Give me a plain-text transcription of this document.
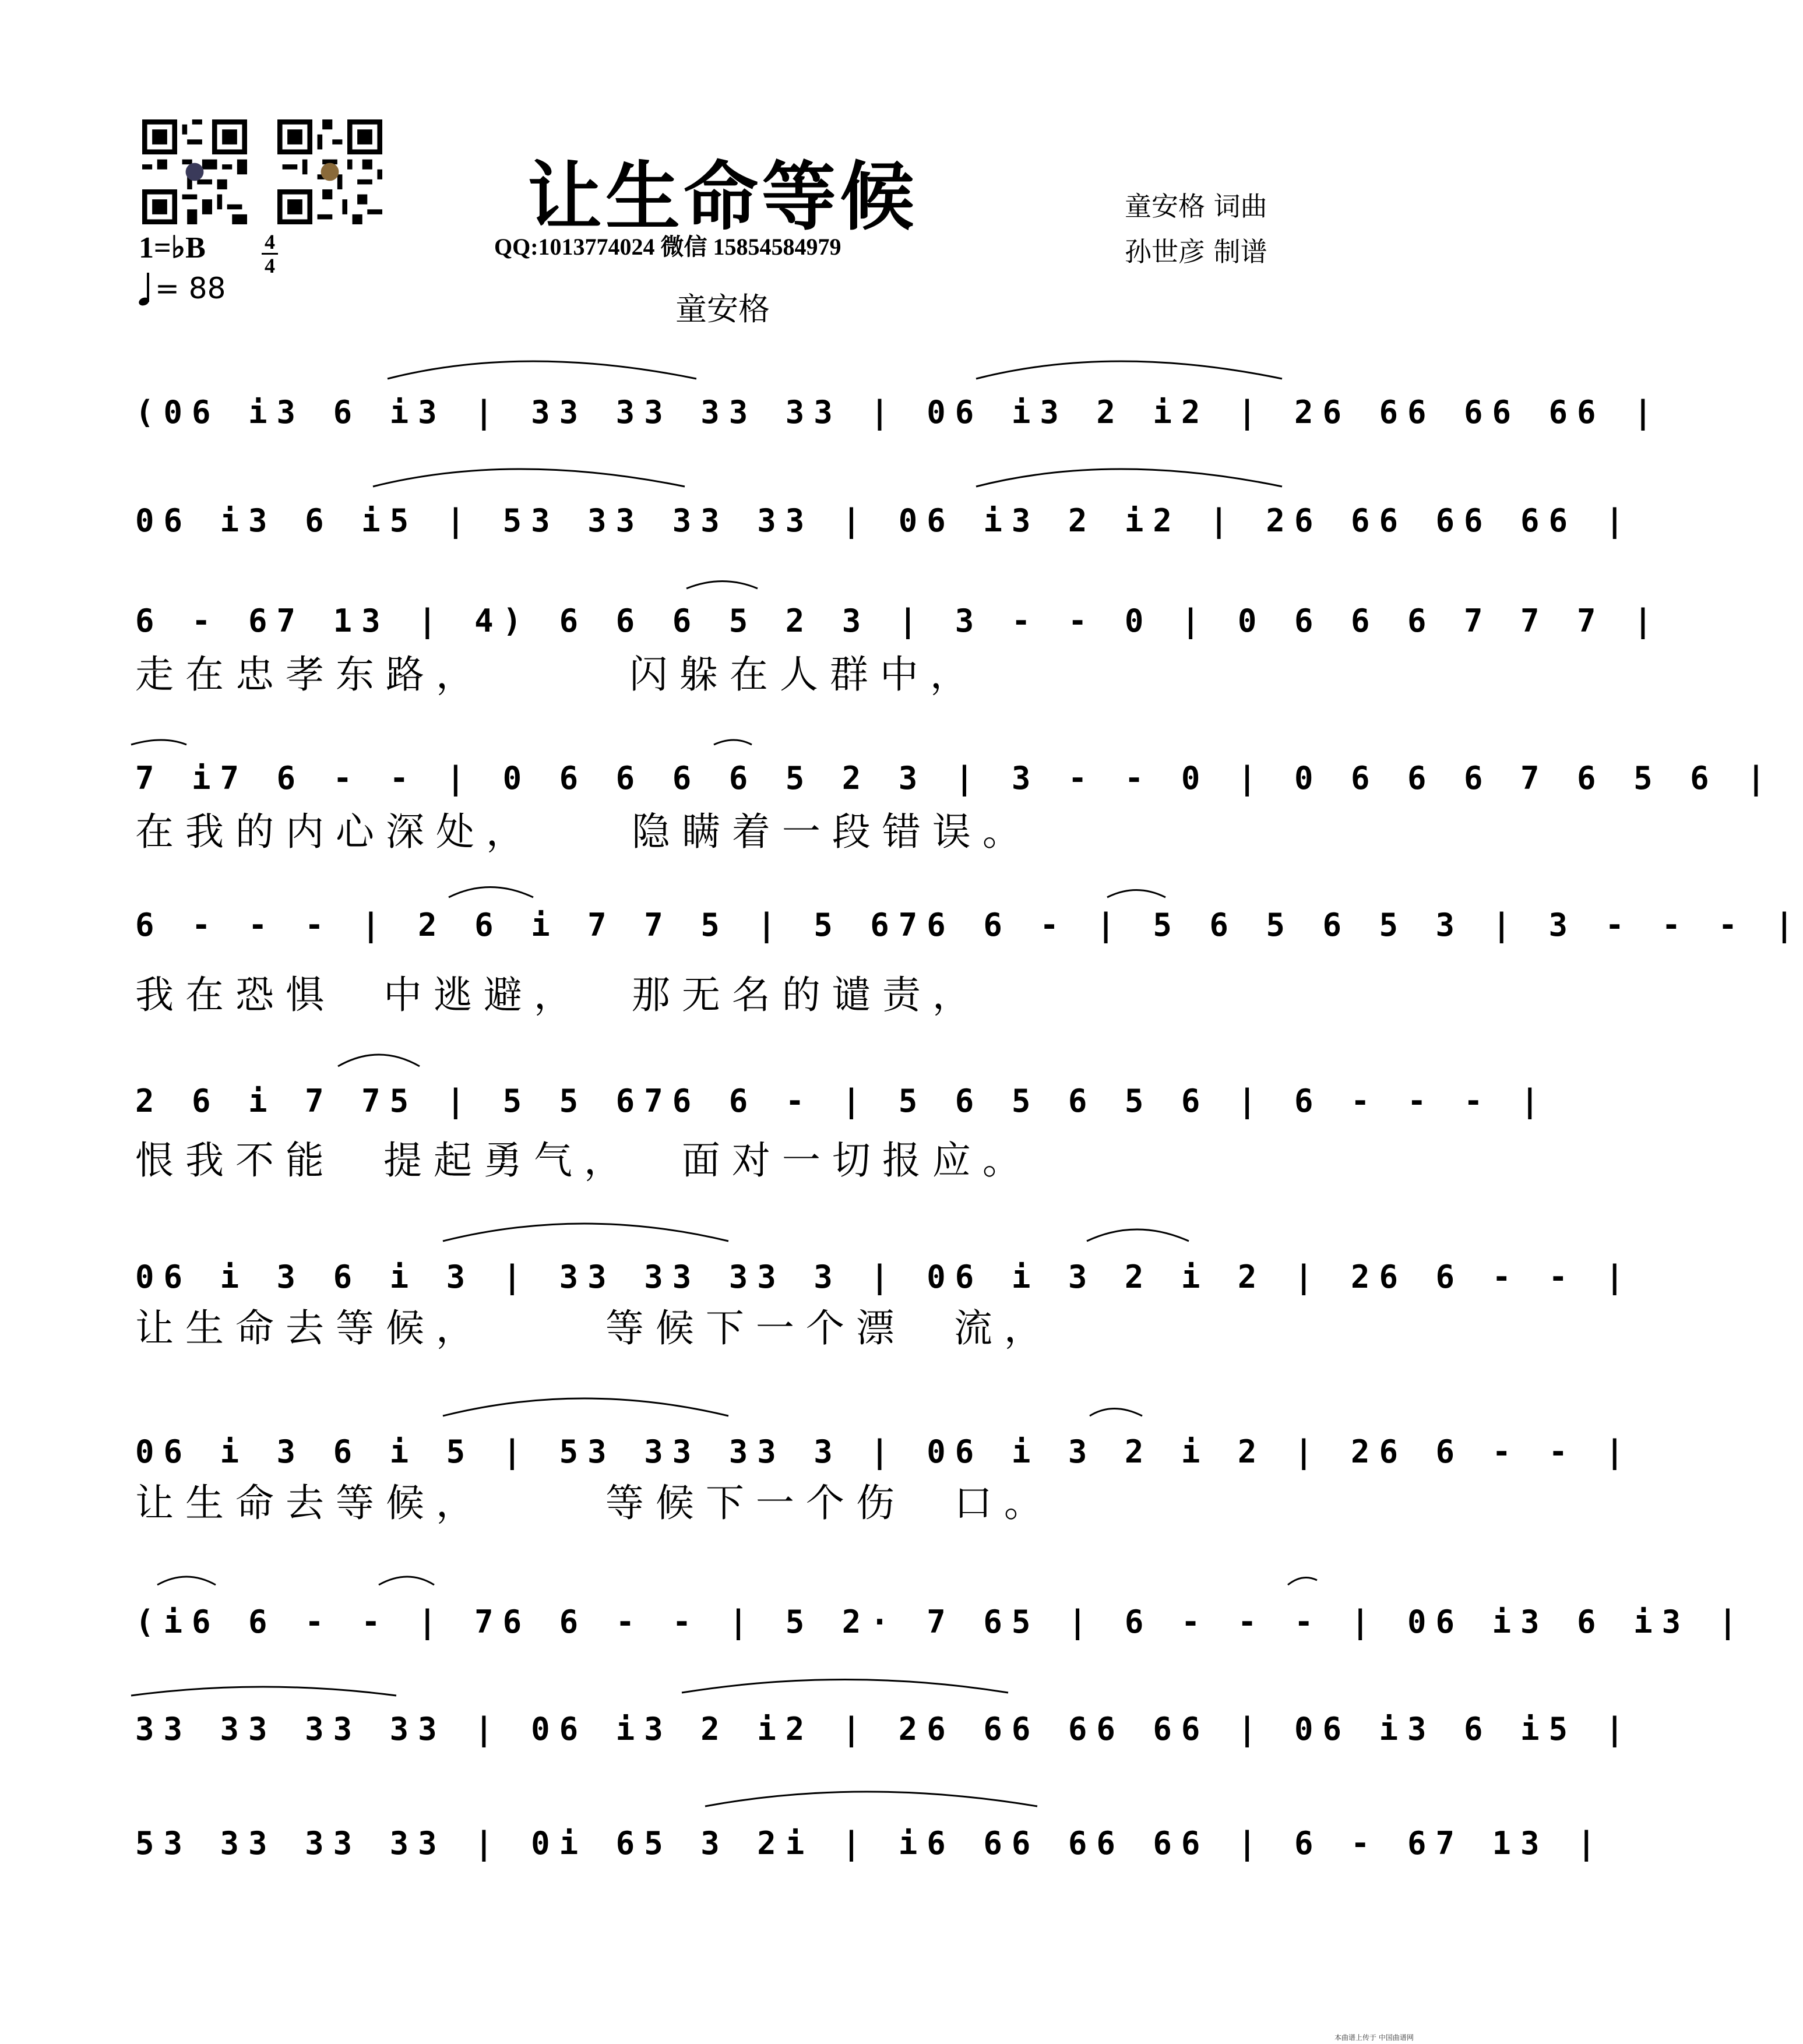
让生命等候
QQ:1013774024 微信 15854584979
童安格 词曲
孙世彦 制谱
童安格
1=♭B	4
4
= 88
(06 i3 6 i3 | 33 33 33 33 | 06 i3 2 i2 | 26 66 66 66 |
06 i3 6 i5 | 53 33 33 33 | 06 i3 2 i2 | 26 66 66 66 |
6 - 67 13 | 4) 6 6 6 5 2 3 | 3 - - 0 | 0 6 6 6 7 7 7 |
走在忠孝东路，      闪躲在人群中，
7 i7 6 - - | 0 6 6 6 6 5 2 3 | 3 - - 0 | 0 6 6 6 7 6 5 6 |
在我的内心深处，    隐瞒着一段错误。
6 - - - | 2 6 i 7 7 5 | 5 676 6 - | 5 6 5 6 5 3 | 3 - - - |
我在恐惧  中逃避，  那无名的谴责，
2 6 i 7 75 | 5 5 676 6 - | 5 6 5 6 5 6 | 6 - - - |
恨我不能  提起勇气，  面对一切报应。
06 i 3 6 i 3 | 33 33 33 3 | 06 i 3 2 i 2 | 26 6 - - |
让生命去等候，     等候下一个漂  流，
06 i 3 6 i 5 | 53 33 33 3 | 06 i 3 2 i 2 | 26 6 - - |
让生命去等候，     等候下一个伤  口。
(i6 6 - - | 76 6 - - | 5 2· 7 65 | 6 - - - | 06 i3 6 i3 |
33 33 33 33 | 06 i3 2 i2 | 26 66 66 66 | 06 i3 6 i5 |
53 33 33 33 | 0i 65 3 2i | i6 66 66 66 | 6 - 67 13 |
本曲谱上传于 中国曲谱网
